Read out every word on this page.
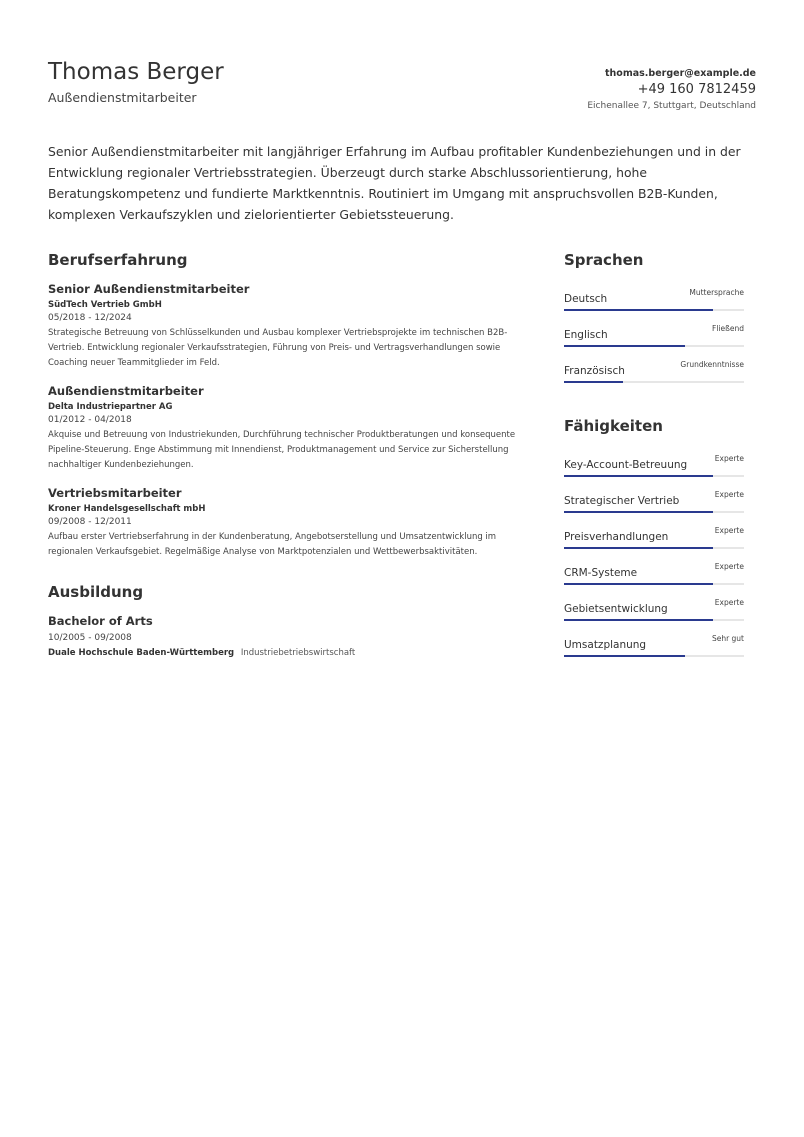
Thomas Berger
Außendienstmitarbeiter
thomas.berger@example.de
+49 160 7812459
Eichenallee 7, Stuttgart, Deutschland

Senior Außendienstmitarbeiter mit langjähriger Erfahrung im Aufbau profitabler Kundenbeziehungen und in der Entwicklung regionaler Vertriebsstrategien. Überzeugt durch starke Abschlussorientierung, hohe Beratungskompetenz und fundierte Marktkenntnis. Routiniert im Umgang mit anspruchsvollen B2B-Kunden, komplexen Verkaufszyklen und zielorientierter Gebietssteuerung.

Berufserfahrung
Senior Außendienstmitarbeiter
SüdTech Vertrieb GmbH
05/2018 - 12/2024
Strategische Betreuung von Schlüsselkunden und Ausbau komplexer Vertriebsprojekte im technischen B2B-Vertrieb. Entwicklung regionaler Verkaufsstrategien, Führung von Preis- und Vertragsverhandlungen sowie Coaching neuer Teammitglieder im Feld.
Außendienstmitarbeiter
Delta Industriepartner AG
01/2012 - 04/2018
Akquise und Betreuung von Industriekunden, Durchführung technischer Produktberatungen und konsequente Pipeline-Steuerung. Enge Abstimmung mit Innendienst, Produktmanagement und Service zur Sicherstellung nachhaltiger Kundenbeziehungen.
Vertriebsmitarbeiter
Kroner Handelsgesellschaft mbH
09/2008 - 12/2011
Aufbau erster Vertriebserfahrung in der Kundenberatung, Angebotserstellung und Umsatzentwicklung im regionalen Verkaufsgebiet. Regelmäßige Analyse von Marktpotenzialen und Wettbewerbsaktivitäten.
Ausbildung
Bachelor of Arts
10/2005 - 09/2008
Duale Hochschule Baden-Württemberg Industriebetriebswirtschaft
Sprachen
Deutsch
Muttersprache
Englisch
Fließend
Französisch
Grundkenntnisse
Fähigkeiten
Key-Account-Betreuung
Experte
Strategischer Vertrieb
Experte
Preisverhandlungen
Experte
CRM-Systeme
Experte
Gebietsentwicklung
Experte
Umsatzplanung
Sehr gut
